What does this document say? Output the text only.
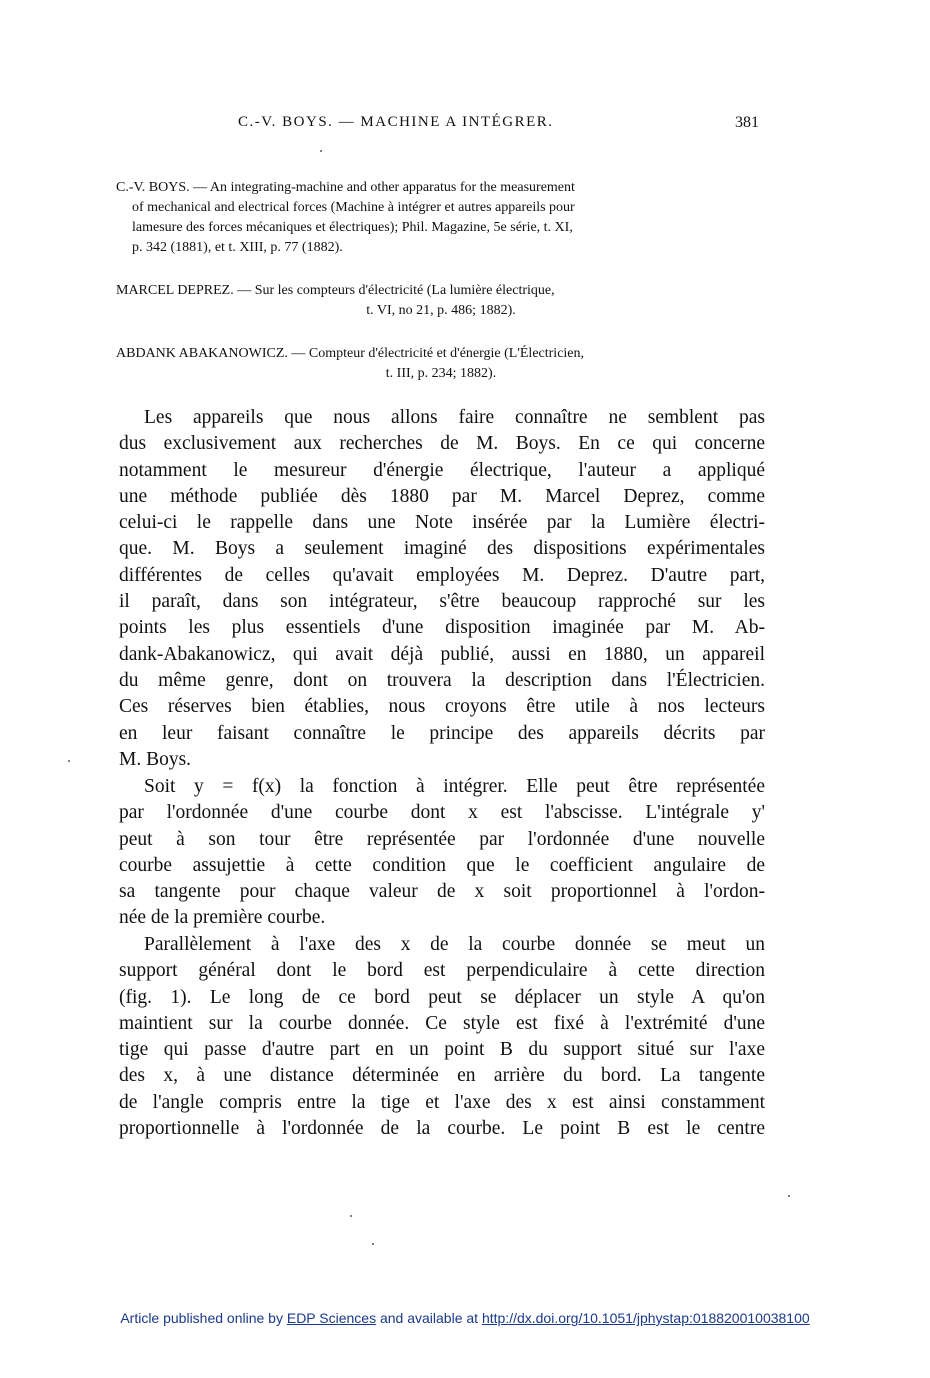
C.-V. BOYS. — MACHINE A INTÉGRER.	381
C.-V. BOYS. — An integrating-machine and other apparatus for the measurement
of mechanical and electrical forces (Machine à intégrer et autres appareils pour
lamesure des forces mécaniques et électriques); Phil. Magazine, 5e série, t. XI,
p. 342 (1881), et t. XIII, p. 77 (1882).
MARCEL DEPREZ. — Sur les compteurs d'électricité (La lumière électrique,
t. VI, no 21, p. 486; 1882).
ABDANK ABAKANOWICZ. — Compteur d'électricité et d'énergie (L'Électricien,
t. III, p. 234; 1882).
Les appareils que nous allons faire connaître ne semblent pas
dus exclusivement aux recherches de M. Boys. En ce qui concerne
notamment le mesureur d'énergie électrique, l'auteur a appliqué
une méthode publiée dès 1880 par M. Marcel Deprez, comme
celui-ci le rappelle dans une Note insérée par la Lumière électri-
que. M. Boys a seulement imaginé des dispositions expérimentales
différentes de celles qu'avait employées M. Deprez. D'autre part,
il paraît, dans son intégrateur, s'être beaucoup rapproché sur les
points les plus essentiels d'une disposition imaginée par M. Ab-
dank-Abakanowicz, qui avait déjà publié, aussi en 1880, un appareil
du même genre, dont on trouvera la description dans l'Électricien.
Ces réserves bien établies, nous croyons être utile à nos lecteurs
en leur faisant connaître le principe des appareils décrits par
M. Boys.
Soit y = f(x) la fonction à intégrer. Elle peut être représentée
par l'ordonnée d'une courbe dont x est l'abscisse. L'intégrale y'
peut à son tour être représentée par l'ordonnée d'une nouvelle
courbe assujettie à cette condition que le coefficient angulaire de
sa tangente pour chaque valeur de x soit proportionnel à l'ordon-
née de la première courbe.
Parallèlement à l'axe des x de la courbe donnée se meut un
support général dont le bord est perpendiculaire à cette direction
(fig. 1). Le long de ce bord peut se déplacer un style A qu'on
maintient sur la courbe donnée. Ce style est fixé à l'extrémité d'une
tige qui passe d'autre part en un point B du support situé sur l'axe
des x, à une distance déterminée en arrière du bord. La tangente
de l'angle compris entre la tige et l'axe des x est ainsi constamment
proportionnelle à l'ordonnée de la courbe. Le point B est le centre
Article published online by EDP Sciences and available at http://dx.doi.org/10.1051/jphystap:018820010038100
